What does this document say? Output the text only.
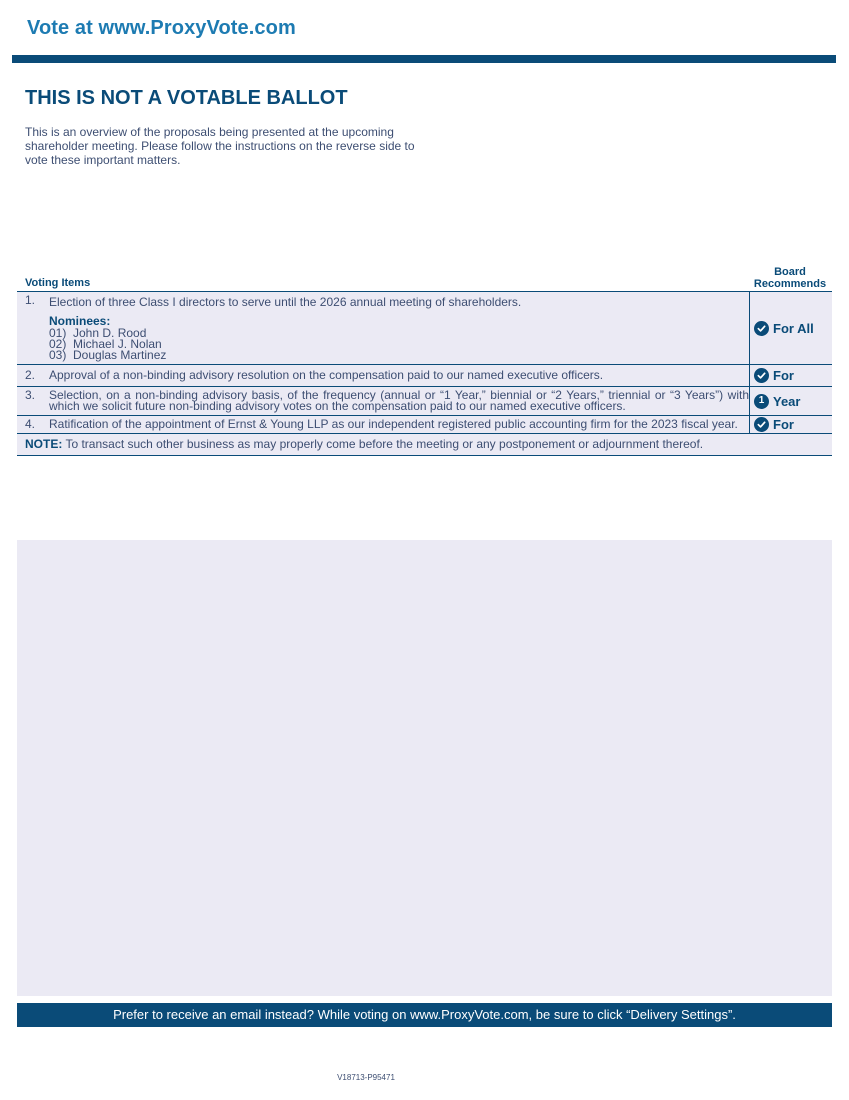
Vote at www.ProxyVote.com
THIS IS NOT A VOTABLE BALLOT
This is an overview of the proposals being presented at the upcoming shareholder meeting. Please follow the instructions on the reverse side to vote these important matters.
Voting Items
Board
Recommends
1.	Election of three Class I directors to serve until the 2026 annual meeting of shareholders.
Nominees:
01)  John D. Rood
02)  Michael J. Nolan
03)  Douglas Martinez
For All
2.	Approval of a non-binding advisory resolution on the compensation paid to our named executive officers.	For
3.	Selection, on a non-binding advisory basis, of the frequency (annual or “1 Year,” biennial or “2 Years,” triennial or “3 Years”) with which we solicit future non-binding advisory votes on the compensation paid to our named executive officers.	1 Year
4.	Ratification of the appointment of Ernst & Young LLP as our independent registered public accounting firm for the 2023 fiscal year.	For
NOTE: To transact such other business as may properly come before the meeting or any postponement or adjournment thereof.
Prefer to receive an email instead? While voting on www.ProxyVote.com, be sure to click “Delivery Settings”.
V18713-P95471
